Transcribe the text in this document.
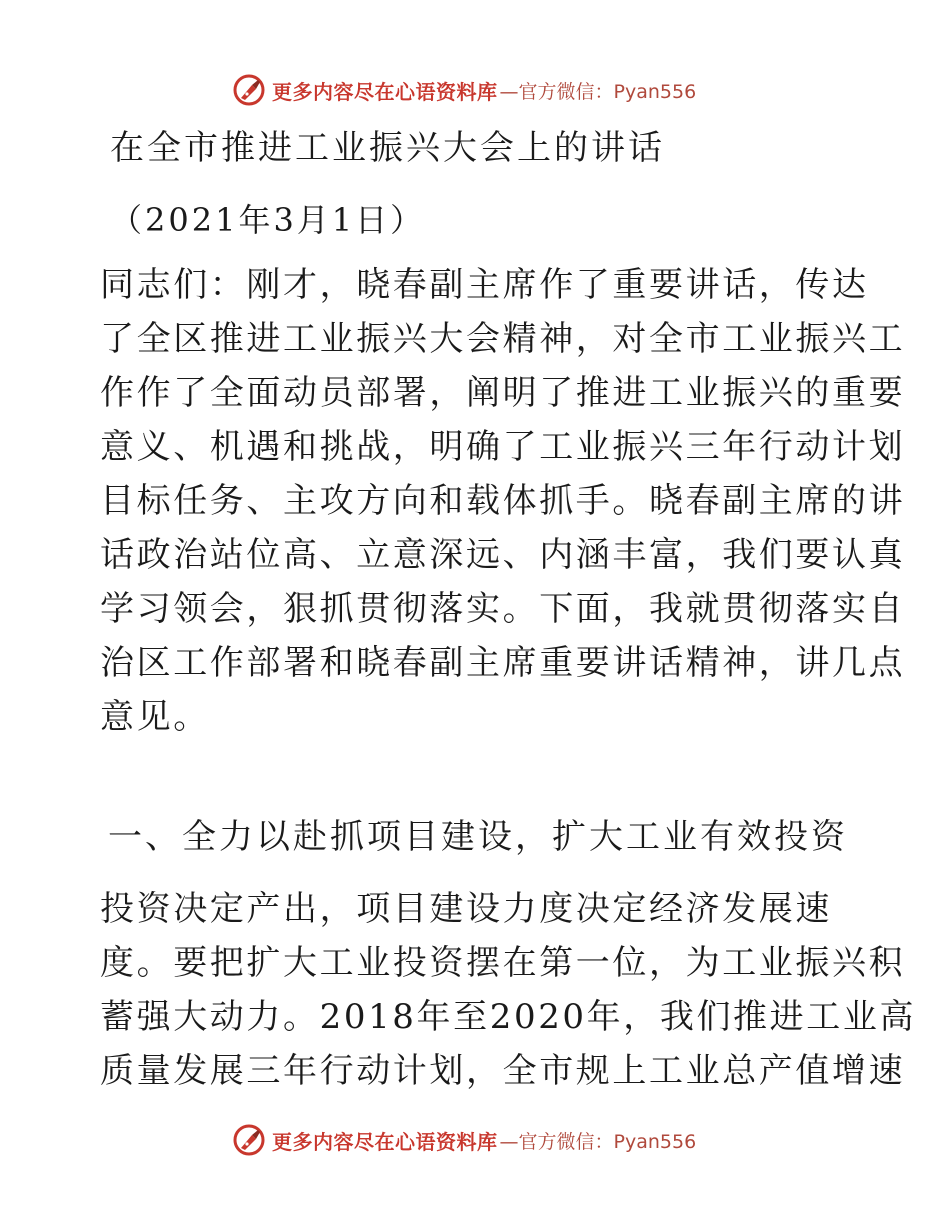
更多内容尽在心语资料库 —官方微信：Pyan556
在全市推进工业振兴大会上的讲话
（2021年3月1日）

同志们：刚才，晓春副主席作了重要讲话，传达
了全区推进工业振兴大会精神，对全市工业振兴工
作作了全面动员部署，阐明了推进工业振兴的重要
意义、机遇和挑战，明确了工业振兴三年行动计划
目标任务、主攻方向和载体抓手。晓春副主席的讲
话政治站位高、立意深远、内涵丰富，我们要认真
学习领会，狠抓贯彻落实。下面，我就贯彻落实自
治区工作部署和晓春副主席重要讲话精神，讲几点
意见。

一、全力以赴抓项目建设，扩大工业有效投资

投资决定产出，项目建设力度决定经济发展速
度。要把扩大工业投资摆在第一位，为工业振兴积
蓄强大动力。2018年至2020年，我们推进工业高
质量发展三年行动计划，全市规上工业总产值增速

更多内容尽在心语资料库 —官方微信：Pyan556
